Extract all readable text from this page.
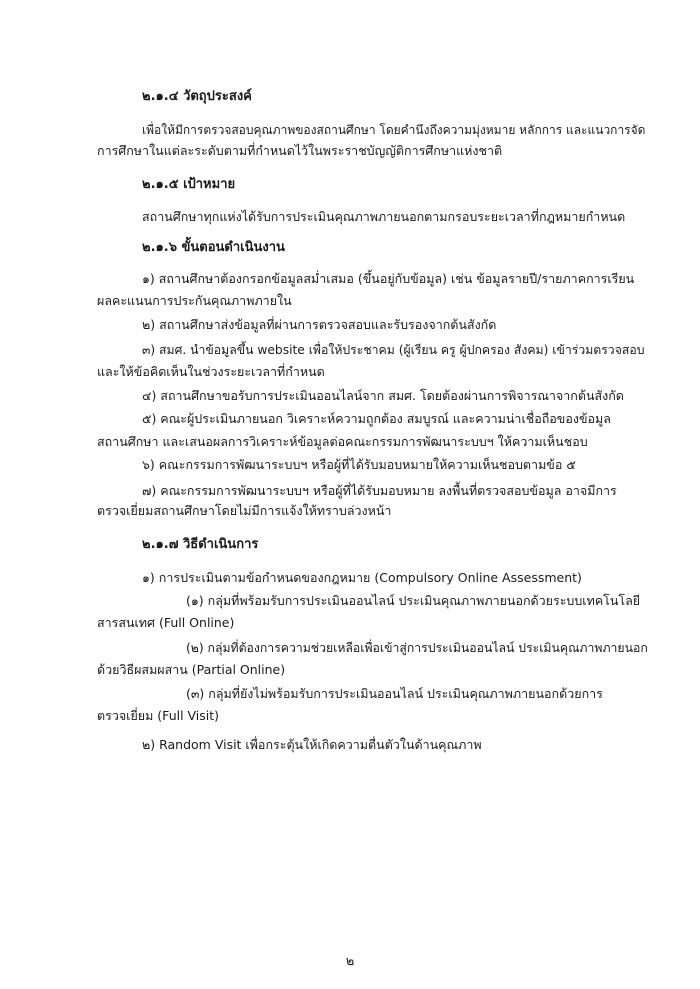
๒.๑.๔ วัตถุประสงค์
เพื่อให้มีการตรวจสอบคุณภาพของสถานศึกษา โดยคำนึงถึงความมุ่งหมาย หลักการ และแนวการจัด
การศึกษาในแต่ละระดับตามที่กำหนดไว้ในพระราชบัญญัติการศึกษาแห่งชาติ
๒.๑.๕ เป้าหมาย
สถานศึกษาทุกแห่งได้รับการประเมินคุณภาพภายนอกตามกรอบระยะเวลาที่กฎหมายกำหนด
๒.๑.๖ ขั้นตอนดำเนินงาน
๑) สถานศึกษาต้องกรอกข้อมูลสม่ำเสมอ (ขึ้นอยู่กับข้อมูล) เช่น ข้อมูลรายปี/รายภาคการเรียน
ผลคะแนนการประกันคุณภาพภายใน
๒) สถานศึกษาส่งข้อมูลที่ผ่านการตรวจสอบและรับรองจากต้นสังกัด
๓) สมศ. นำข้อมูลขึ้น website เพื่อให้ประชาคม (ผู้เรียน ครู ผู้ปกครอง สังคม) เข้าร่วมตรวจสอบ
และให้ข้อคิดเห็นในช่วงระยะเวลาที่กำหนด
๔) สถานศึกษาขอรับการประเมินออนไลน์จาก สมศ. โดยต้องผ่านการพิจารณาจากต้นสังกัด
๕) คณะผู้ประเมินภายนอก วิเคราะห์ความถูกต้อง สมบูรณ์ และความน่าเชื่อถือของข้อมูล
สถานศึกษา และเสนอผลการวิเคราะห์ข้อมูลต่อคณะกรรมการพัฒนาระบบฯ ให้ความเห็นชอบ
๖) คณะกรรมการพัฒนาระบบฯ หรือผู้ที่ได้รับมอบหมายให้ความเห็นชอบตามข้อ ๕
๗) คณะกรรมการพัฒนาระบบฯ หรือผู้ที่ได้รับมอบหมาย ลงพื้นที่ตรวจสอบข้อมูล อาจมีการ
ตรวจเยี่ยมสถานศึกษาโดยไม่มีการแจ้งให้ทราบล่วงหน้า
๒.๑.๗ วิธีดำเนินการ
๑) การประเมินตามข้อกำหนดของกฎหมาย (Compulsory Online Assessment)
(๑) กลุ่มที่พร้อมรับการประเมินออนไลน์ ประเมินคุณภาพภายนอกด้วยระบบเทคโนโลยี
สารสนเทศ (Full Online)
(๒) กลุ่มที่ต้องการความช่วยเหลือเพื่อเข้าสู่การประเมินออนไลน์ ประเมินคุณภาพภายนอก
ด้วยวิธีผสมผสาน (Partial Online)
(๓) กลุ่มที่ยังไม่พร้อมรับการประเมินออนไลน์ ประเมินคุณภาพภายนอกด้วยการ
ตรวจเยี่ยม (Full Visit)
๒) Random Visit เพื่อกระตุ้นให้เกิดความตื่นตัวในด้านคุณภาพ
๒
